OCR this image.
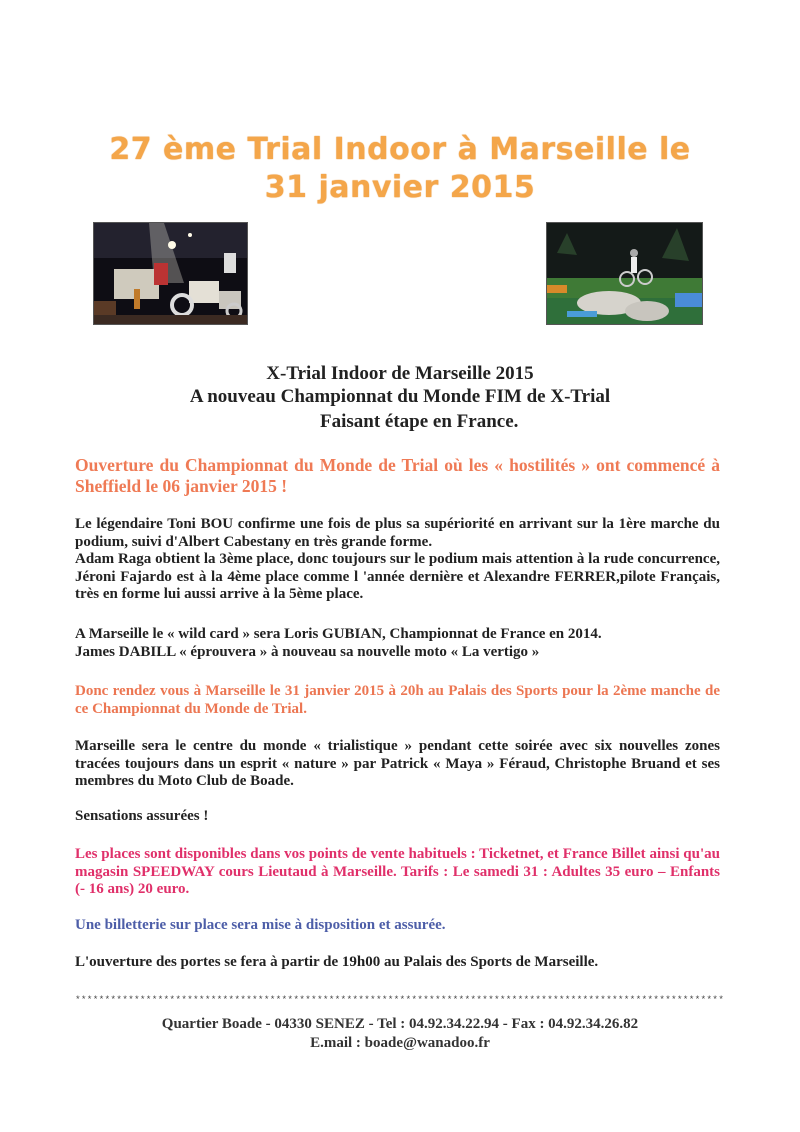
27 ème Trial Indoor à Marseille le
31 janvier 2015
X-Trial Indoor de Marseille 2015
A nouveau Championnat du Monde FIM de X-Trial
Faisant étape en France.
Ouverture du Championnat du Monde de Trial où les « hostilités » ont commencé à Sheffield le 06 janvier 2015 !
Le légendaire Toni BOU confirme une fois de plus sa supériorité en arrivant sur la 1ère marche du podium, suivi d'Albert Cabestany en très grande forme.
Adam Raga obtient la 3ème place, donc toujours sur le podium mais attention à la rude concurrence, Jéroni Fajardo est à la 4ème place comme l 'année dernière et Alexandre FERRER,pilote Français, très en forme lui aussi arrive à la 5ème place.
A Marseille le « wild card » sera Loris GUBIAN, Championnat de France en 2014.
James DABILL « éprouvera » à nouveau sa nouvelle moto « La vertigo »
Donc rendez vous à Marseille le 31 janvier 2015 à 20h au Palais des Sports pour la 2ème manche de ce Championnat du Monde de Trial.
Marseille sera le centre du monde « trialistique » pendant cette soirée avec six nouvelles zones tracées toujours dans un esprit « nature » par Patrick « Maya » Féraud, Christophe Bruand et ses membres du Moto Club de Boade.
Sensations assurées !
Les places sont disponibles dans vos points de vente habituels : Ticketnet, et France Billet ainsi qu'au magasin SPEEDWAY cours Lieutaud à Marseille. Tarifs : Le samedi 31 : Adultes 35 euro – Enfants (- 16 ans) 20 euro.
Une billetterie sur place sera mise à disposition et assurée.
L'ouverture des portes se fera à partir de 19h00 au Palais des Sports de Marseille.
**************************************************************************************************************
Quartier Boade - 04330 SENEZ - Tel : 04.92.34.22.94 - Fax : 04.92.34.26.82
E.mail : boade@wanadoo.fr
